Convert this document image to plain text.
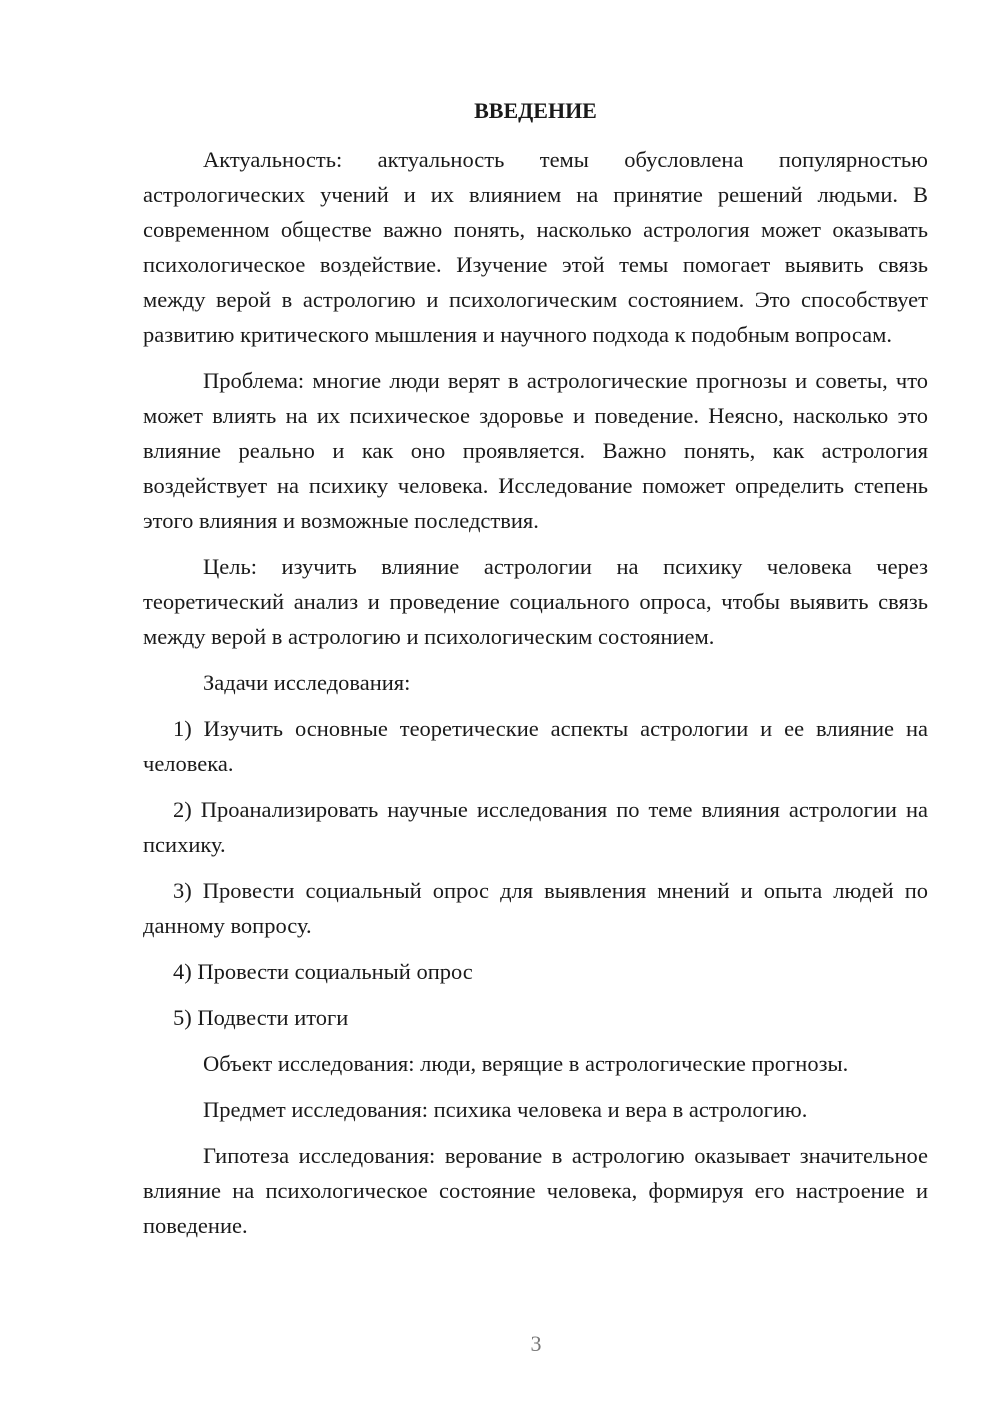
ВВЕДЕНИЕ

Актуальность: актуальность темы обусловлена популярностью астрологических учений и их влиянием на принятие решений людьми. В современном обществе важно понять, насколько астрология может оказывать психологическое воздействие. Изучение этой темы помогает выявить связь между верой в астрологию и психологическим состоянием. Это способствует развитию критического мышления и научного подхода к подобным вопросам.

Проблема: многие люди верят в астрологические прогнозы и советы, что может влиять на их психическое здоровье и поведение. Неясно, насколько это влияние реально и как оно проявляется. Важно понять, как астрология воздействует на психику человека. Исследование поможет определить степень этого влияния и возможные последствия.

Цель: изучить влияние астрологии на психику человека через теоретический анализ и проведение социального опроса, чтобы выявить связь между верой в астрологию и психологическим состоянием.

Задачи исследования:

1) Изучить основные теоретические аспекты астрологии и ее влияние на человека.

2) Проанализировать научные исследования по теме влияния астрологии на психику.

3) Провести социальный опрос для выявления мнений и опыта людей по данному вопросу.

4) Провести социальный опрос

5) Подвести итоги

Объект исследования: люди, верящие в астрологические прогнозы.

Предмет исследования: психика человека и вера в астрологию.

Гипотеза исследования: верование в астрологию оказывает значительное влияние на психологическое состояние человека, формируя его настроение и поведение.

3
